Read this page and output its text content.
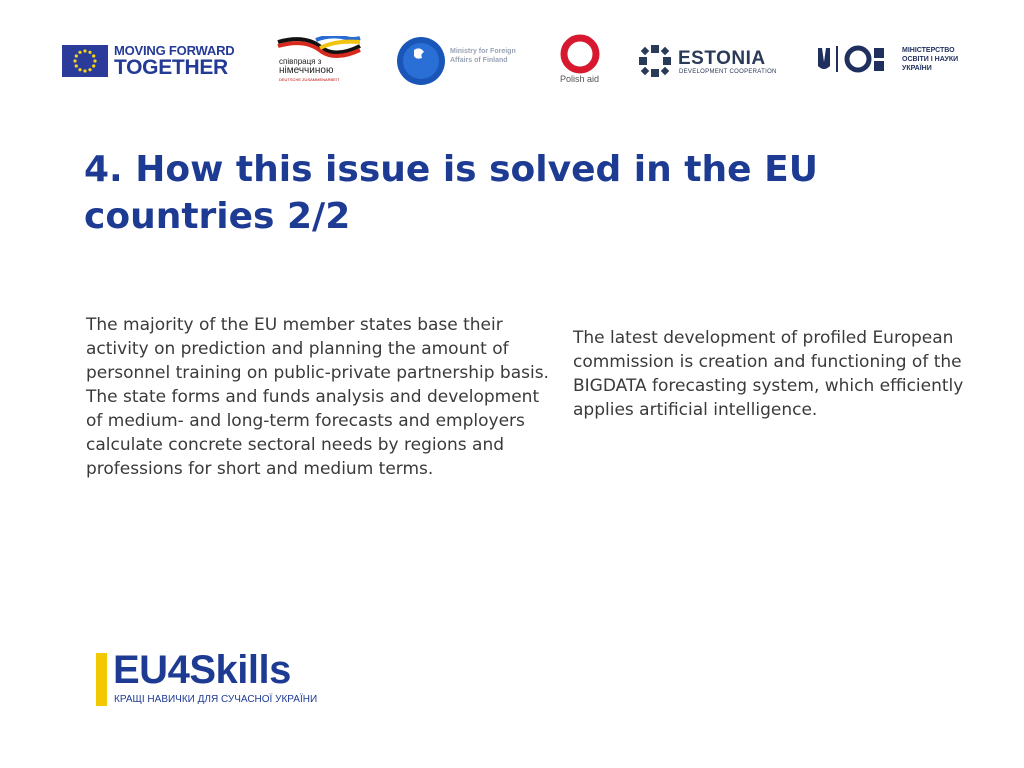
MOVING FORWARD
TOGETHER	співпраця з
німеччиною
DEUTSCHE ZUSAMMENARBEIT
Ministry for Foreign
Affairs of Finland
Polish aid
ESTONIA
DEVELOPMENT COOPERATION
МІНІСТЕРСТВО
ОСВІТИ І НАУКИ
УКРАЇНИ
4. How this issue is solved in the EU countries 2/2

The majority of the EU member states base their activity on prediction and planning the amount of personnel training on public-private partnership basis. The state forms and funds analysis and development of medium- and long-term forecasts and employers calculate concrete sectoral needs by regions and professions for short and medium terms.

The latest development of profiled European commission is creation and functioning of the BIGDATA forecasting system, which efficiently applies artificial intelligence.

EU4Skills
КРАЩІ НАВИЧКИ ДЛЯ СУЧАСНОЇ УКРАЇНИ
